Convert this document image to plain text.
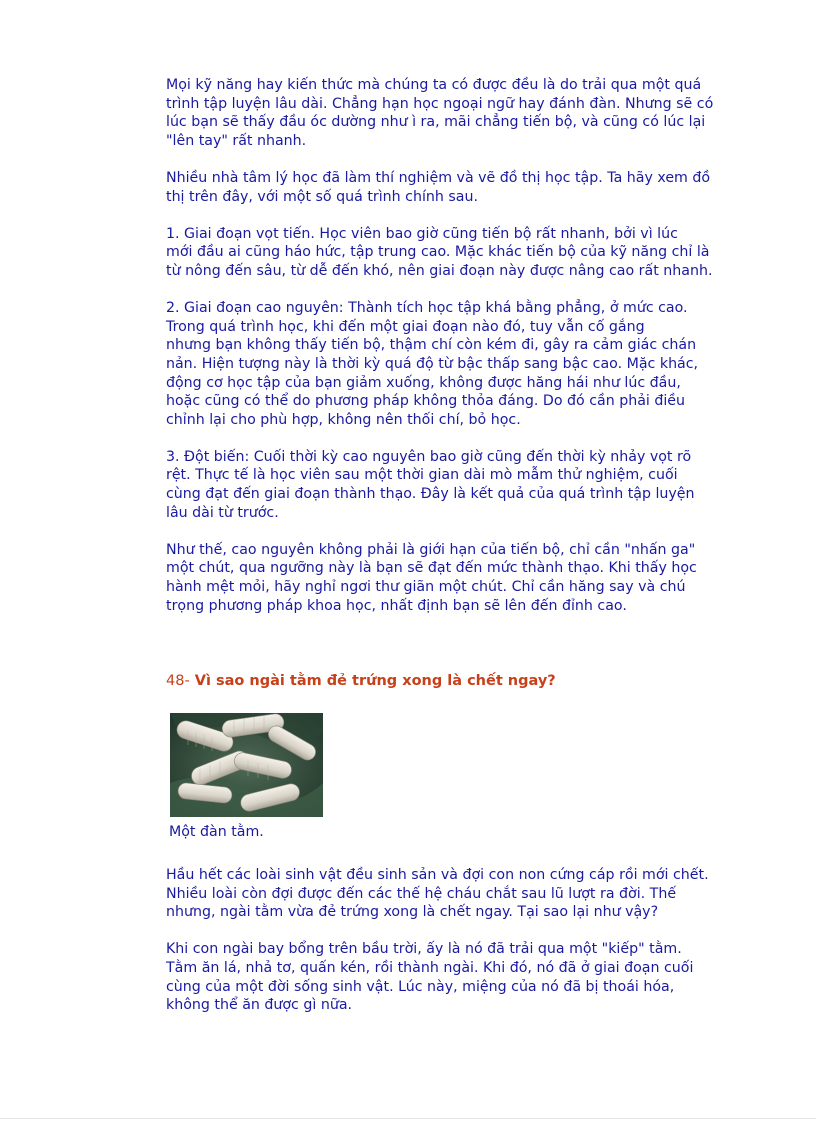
Mọi kỹ năng hay kiến thức mà chúng ta có được đều là do trải qua một quá
trình tập luyện lâu dài. Chẳng hạn học ngoại ngữ hay đánh đàn. Nhưng sẽ có
lúc bạn sẽ thấy đầu óc dường như ì ra, mãi chẳng tiến bộ, và cũng có lúc lại
"lên tay" rất nhanh.

Nhiều nhà tâm lý học đã làm thí nghiệm và vẽ đồ thị học tập. Ta hãy xem đồ
thị trên đây, với một số quá trình chính sau.

1. Giai đoạn vọt tiến. Học viên bao giờ cũng tiến bộ rất nhanh, bởi vì lúc
mới đầu ai cũng háo hức, tập trung cao. Mặc khác tiến bộ của kỹ năng chỉ là
từ nông đến sâu, từ dễ đến khó, nên giai đoạn này được nâng cao rất nhanh.

2. Giai đoạn cao nguyên: Thành tích học tập khá bằng phẳng, ở mức cao.
Trong quá trình học, khi đến một giai đoạn nào đó, tuy vẫn cố gắng
nhưng bạn không thấy tiến bộ, thậm chí còn kém đi, gây ra cảm giác chán
nản. Hiện tượng này là thời kỳ quá độ từ bậc thấp sang bậc cao. Mặc khác,
động cơ học tập của bạn giảm xuống, không được hăng hái như lúc đầu,
hoặc cũng có thể do phương pháp không thỏa đáng. Do đó cần phải điều
chỉnh lại cho phù hợp, không nên thối chí, bỏ học.

3. Đột biến: Cuối thời kỳ cao nguyên bao giờ cũng đến thời kỳ nhảy vọt rõ
rệt. Thực tế là học viên sau một thời gian dài mò mẫm thử nghiệm, cuối
cùng đạt đến giai đoạn thành thạo. Đây là kết quả của quá trình tập luyện
lâu dài từ trước.

Như thế, cao nguyên không phải là giới hạn của tiến bộ, chỉ cần "nhấn ga"
một chút, qua ngưỡng này là bạn sẽ đạt đến mức thành thạo. Khi thấy học
hành mệt mỏi, hãy nghỉ ngơi thư giãn một chút. Chỉ cần hăng say và chú
trọng phương pháp khoa học, nhất định bạn sẽ lên đến đỉnh cao.

48- Vì sao ngài tằm đẻ trứng xong là chết ngay?
Một đàn tằm.

Hầu hết các loài sinh vật đều sinh sản và đợi con non cứng cáp rồi mới chết.
Nhiều loài còn đợi được đến các thế hệ cháu chắt sau lũ lượt ra đời. Thế
nhưng, ngài tằm vừa đẻ trứng xong là chết ngay. Tại sao lại như vậy?

Khi con ngài bay bổng trên bầu trời, ấy là nó đã trải qua một "kiếp" tằm.
Tằm ăn lá, nhả tơ, quấn kén, rồi thành ngài. Khi đó, nó đã ở giai đoạn cuối
cùng của một đời sống sinh vật. Lúc này, miệng của nó đã bị thoái hóa,
không thể ăn được gì nữa.
